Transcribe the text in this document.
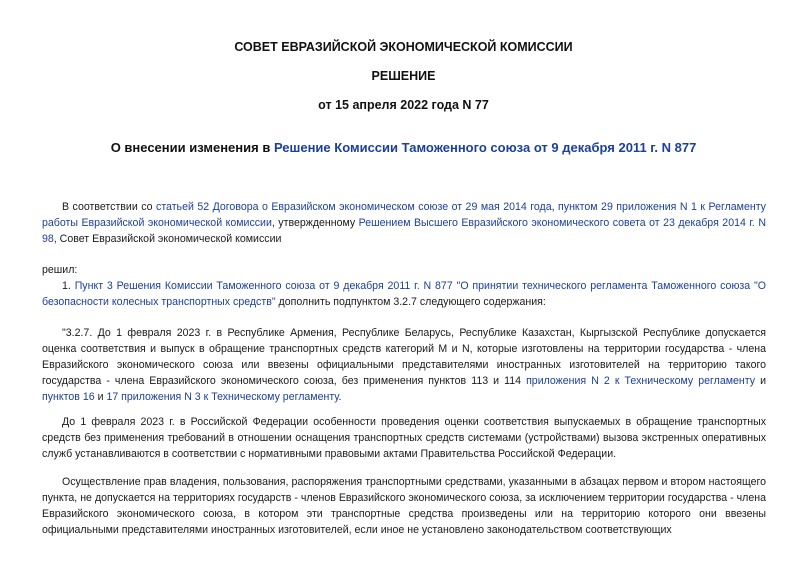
СОВЕТ ЕВРАЗИЙСКОЙ ЭКОНОМИЧЕСКОЙ КОМИССИИ
РЕШЕНИЕ
от 15 апреля 2022 года N 77
О внесении изменения в Решение Комиссии Таможенного союза от 9 декабря 2011 г. N 877

В соответствии со статьей 52 Договора о Евразийском экономическом союзе от 29 мая 2014 года, пунктом 29 приложения N 1 к Регламенту работы Евразийской экономической комиссии, утвержденному Решением Высшего Евразийского экономического совета от 23 декабря 2014 г. N 98, Совет Евразийской экономической комиссии

решил:

1. Пункт 3 Решения Комиссии Таможенного союза от 9 декабря 2011 г. N 877 "О принятии технического регламента Таможенного союза "О безопасности колесных транспортных средств" дополнить подпунктом 3.2.7 следующего содержания:

"3.2.7. До 1 февраля 2023 г. в Республике Армения, Республике Беларусь, Республике Казахстан, Кыргызской Республике допускается оценка соответствия и выпуск в обращение транспортных средств категорий M и N, которые изготовлены на территории государства - члена Евразийского экономического союза или ввезены официальными представителями иностранных изготовителей на территорию такого государства - члена Евразийского экономического союза, без применения пунктов 113 и 114 приложения N 2 к Техническому регламенту и пунктов 16 и 17 приложения N 3 к Техническому регламенту.

До 1 февраля 2023 г. в Российской Федерации особенности проведения оценки соответствия выпускаемых в обращение транспортных средств без применения требований в отношении оснащения транспортных средств системами (устройствами) вызова экстренных оперативных служб устанавливаются в соответствии с нормативными правовыми актами Правительства Российской Федерации.

Осуществление прав владения, пользования, распоряжения транспортными средствами, указанными в абзацах первом и втором настоящего пункта, не допускается на территориях государств - членов Евразийского экономического союза, за исключением территории государства - члена Евразийского экономического союза, в котором эти транспортные средства произведены или на территорию которого они ввезены официальными представителями иностранных изготовителей, если иное не установлено законодательством соответствующих
